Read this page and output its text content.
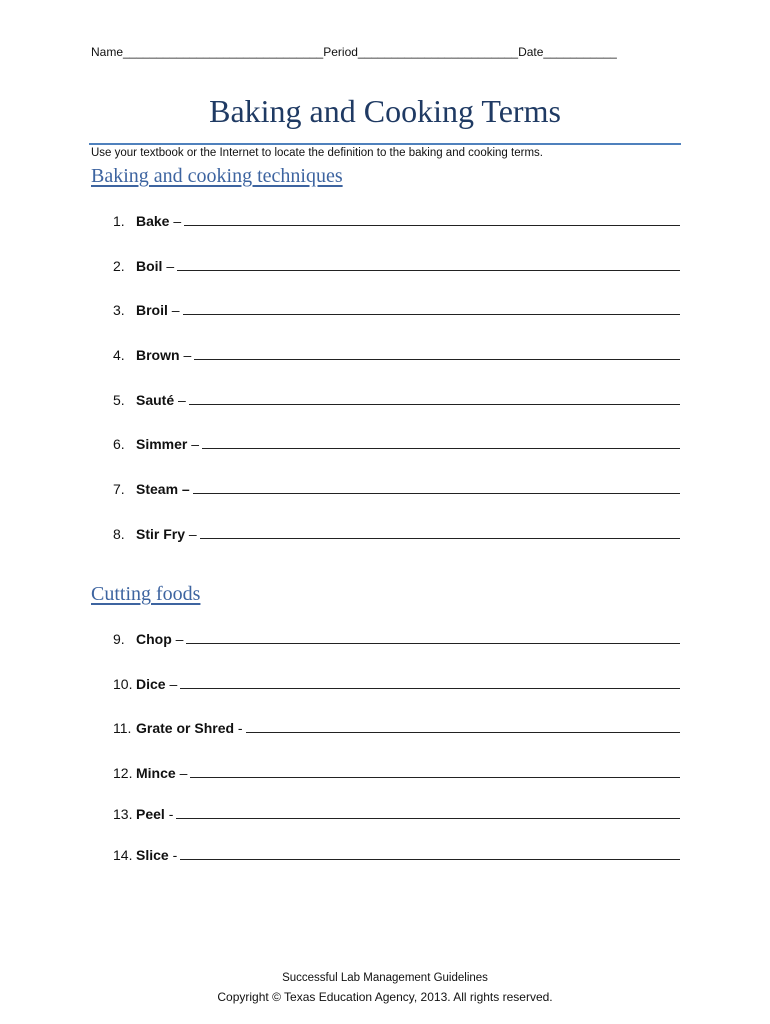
Name______________________________Period________________________Date___________
Baking and Cooking Terms
Use your textbook or the Internet to locate the definition to the baking and cooking terms.
Baking and cooking techniques
1. Bake –
2. Boil –
3. Broil –
4. Brown –
5. Sauté –
6. Simmer –
7. Steam –
8. Stir Fry –
Cutting foods
9. Chop –
10. Dice –
11. Grate or Shred -
12. Mince –
13. Peel -
14. Slice -
Successful Lab Management Guidelines
Copyright © Texas Education Agency, 2013. All rights reserved.
